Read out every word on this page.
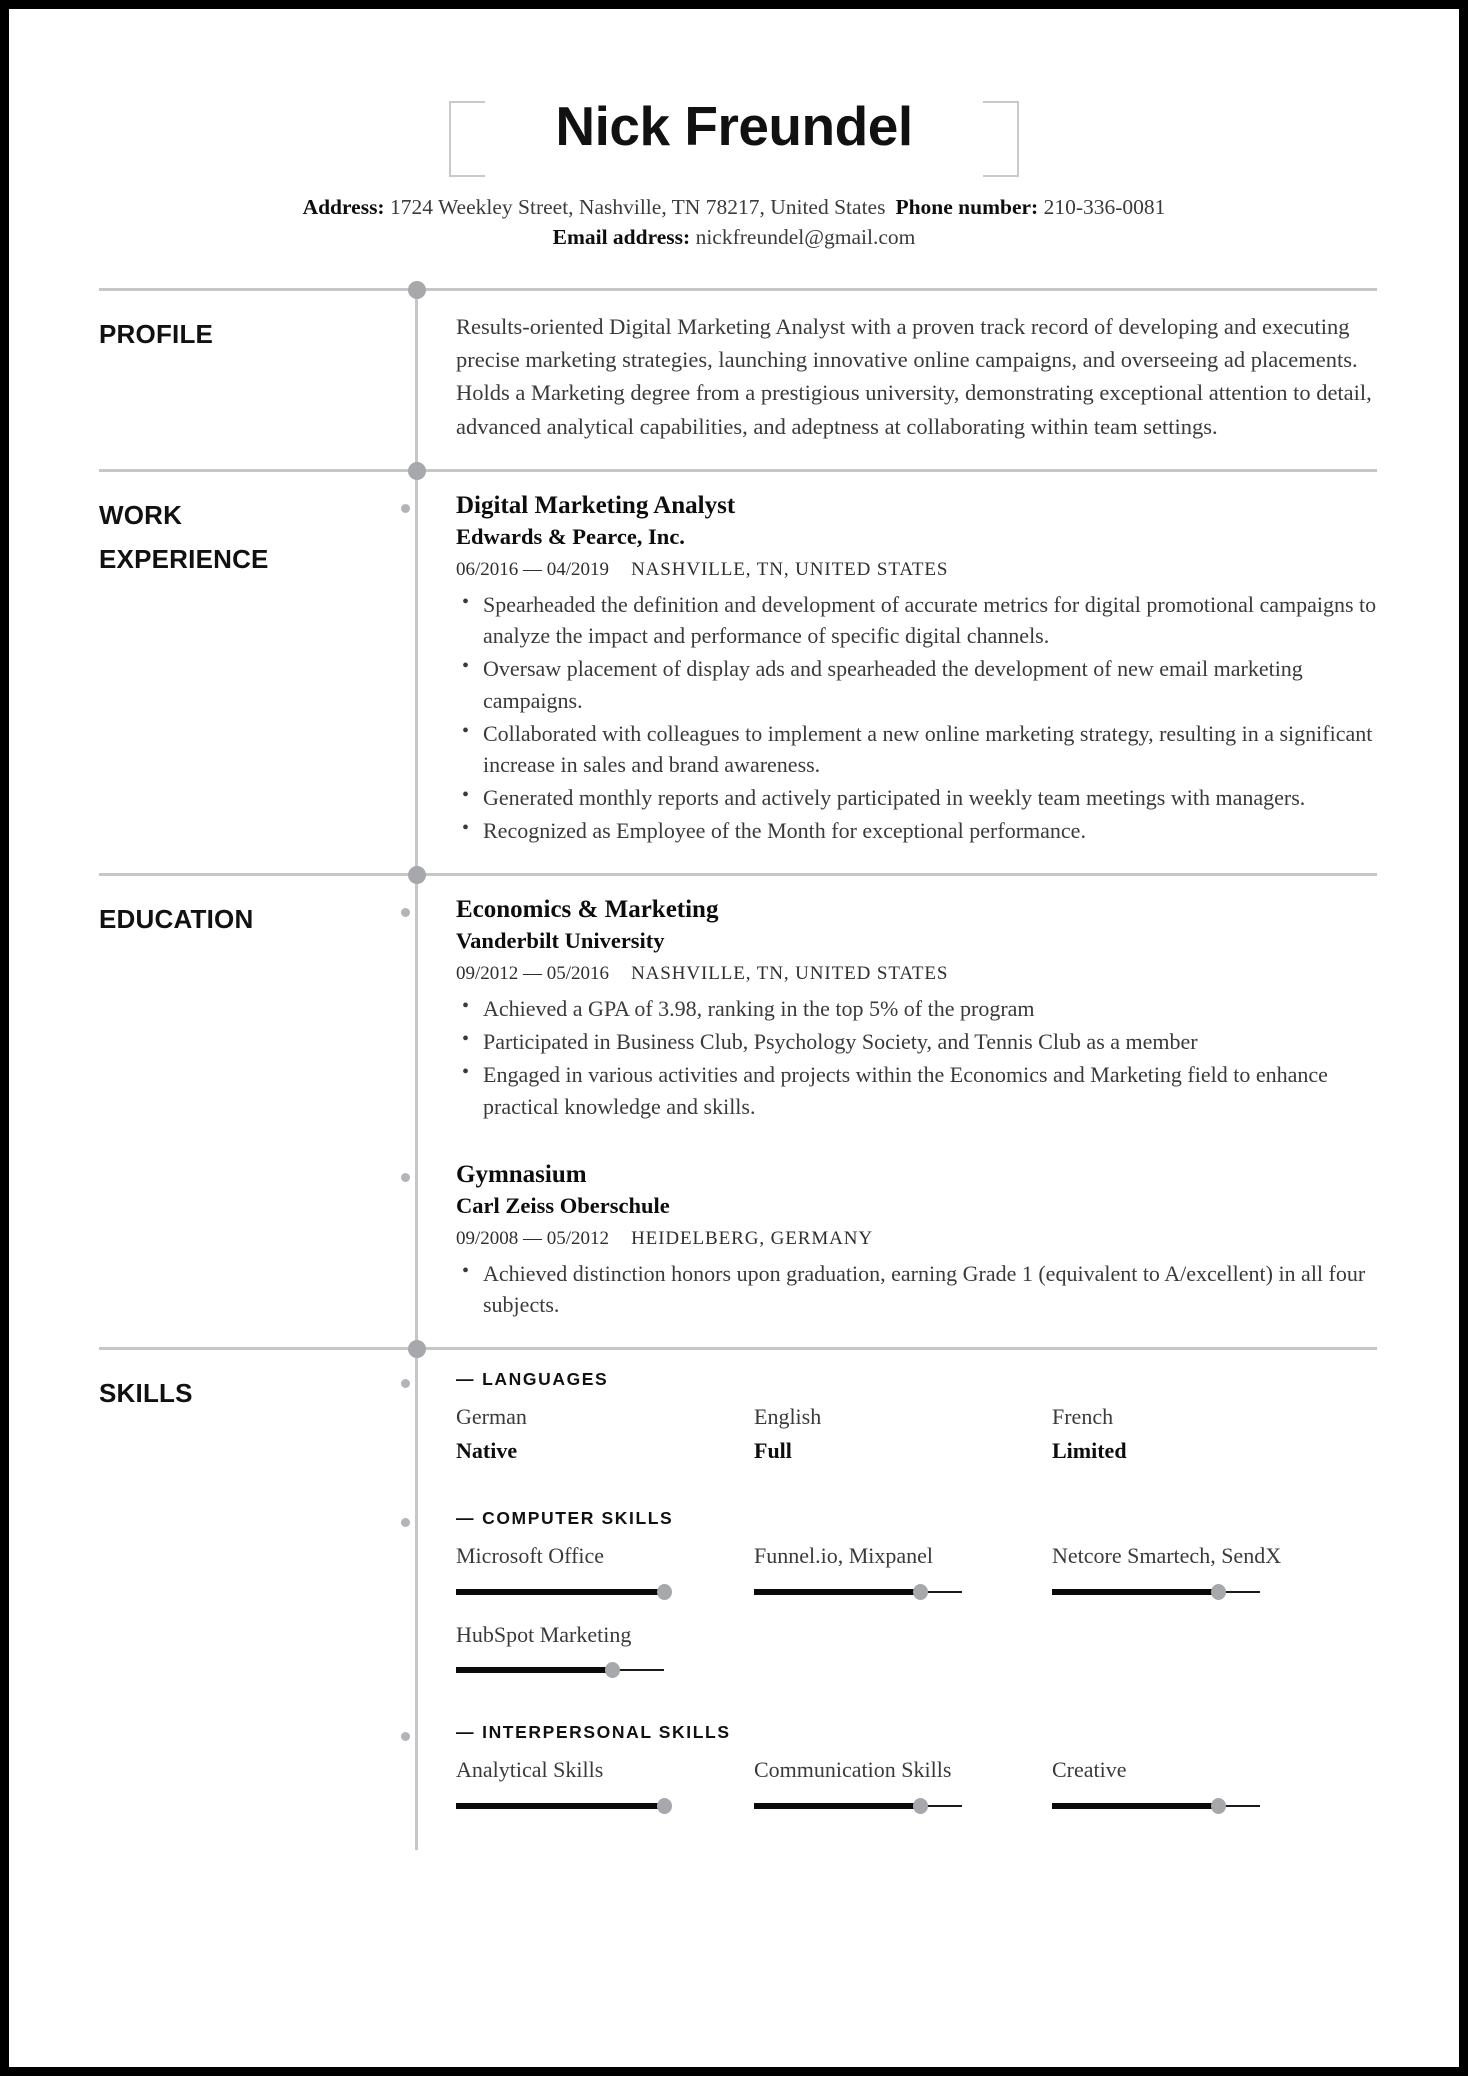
Nick Freundel
Address: 1724 Weekley Street, Nashville, TN 78217, United States Phone number: 210-336-0081
Email address: nickfreundel@gmail.com
PROFILE	Results-oriented Digital Marketing Analyst with a proven track record of developing and executing precise marketing strategies, launching innovative online campaigns, and overseeing ad placements. Holds a Marketing degree from a prestigious university, demonstrating exceptional attention to detail, advanced analytical capabilities, and adeptness at collaborating within team settings.

WORK
EXPERIENCE
Digital Marketing Analyst
Edwards & Pearce, Inc.
06/2016 — 04/2019 NASHVILLE, TN, UNITED STATES
• Spearheaded the definition and development of accurate metrics for digital promotional campaigns to analyze the impact and performance of specific digital channels.
• Oversaw placement of display ads and spearheaded the development of new email marketing campaigns.
• Collaborated with colleagues to implement a new online marketing strategy, resulting in a significant increase in sales and brand awareness.
• Generated monthly reports and actively participated in weekly team meetings with managers.
• Recognized as Employee of the Month for exceptional performance.
EDUCATION	Economics & Marketing
Vanderbilt University
09/2012 — 05/2016 NASHVILLE, TN, UNITED STATES
• Achieved a GPA of 3.98, ranking in the top 5% of the program
• Participated in Business Club, Psychology Society, and Tennis Club as a member
• Engaged in various activities and projects within the Economics and Marketing field to enhance practical knowledge and skills.
Gymnasium
Carl Zeiss Oberschule
09/2008 — 05/2012 HEIDELBERG, GERMANY
• Achieved distinction honors upon graduation, earning Grade 1 (equivalent to A/excellent) in all four subjects.
SKILLS	— LANGUAGES
German
Native
English
Full
French
Limited
— COMPUTER SKILLS
Microsoft Office	Funnel.io, Mixpanel	Netcore Smartech, SendX
HubSpot Marketing
— INTERPERSONAL SKILLS
Analytical Skills	Communication Skills	Creative
